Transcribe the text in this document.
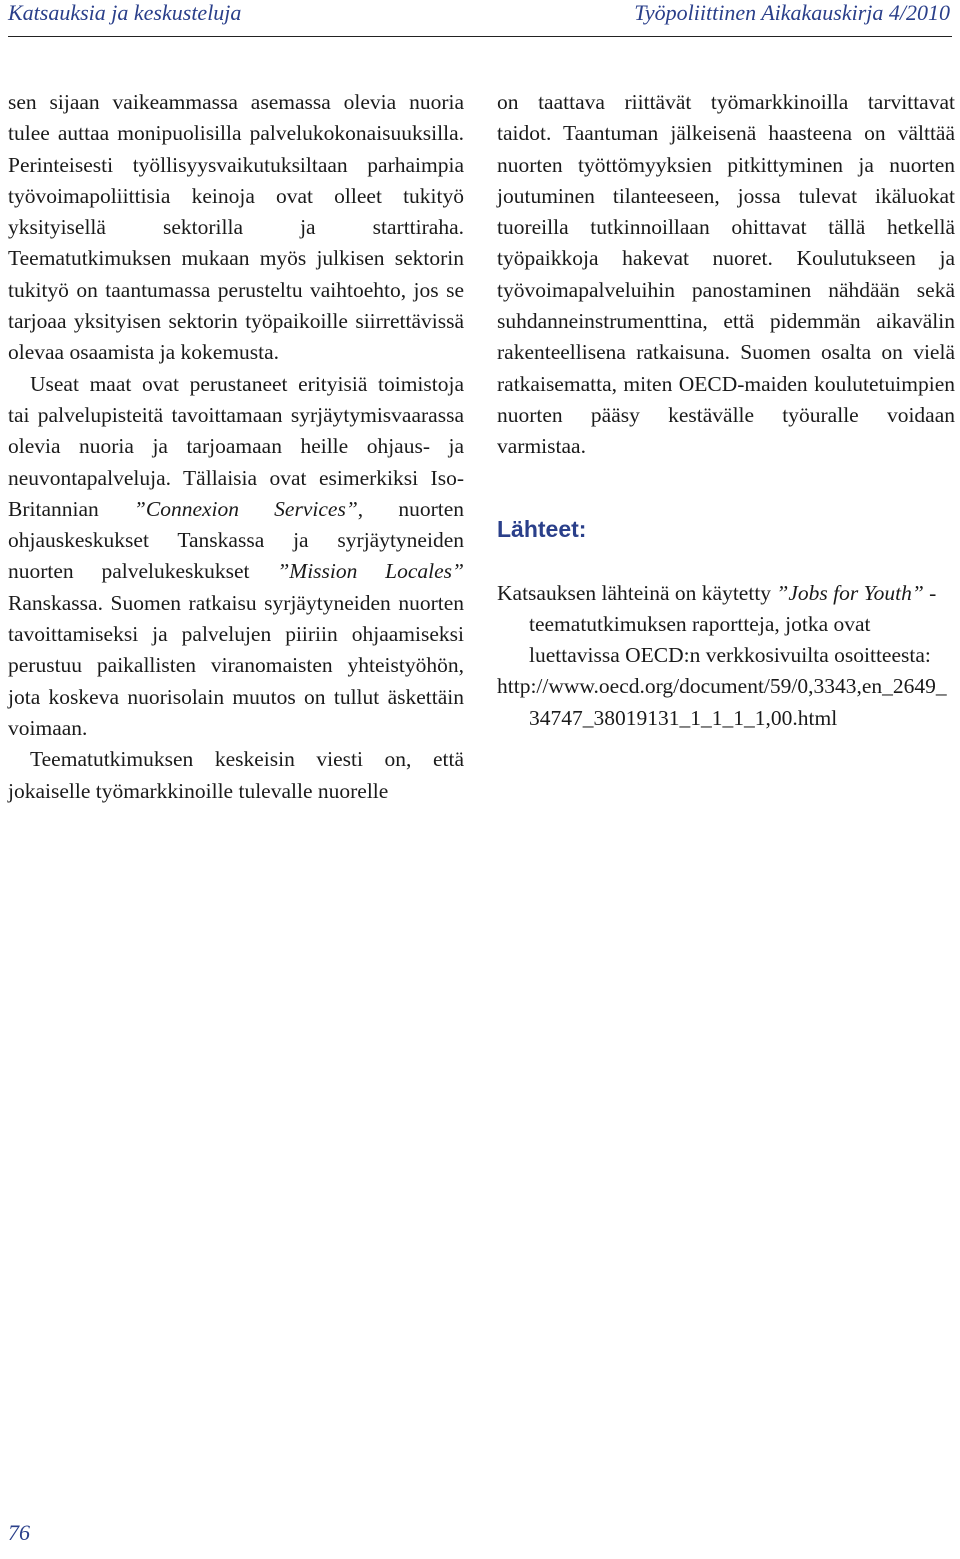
Katsauksia ja keskusteluja	Työpoliittinen Aikakauskirja 4/2010

sen sijaan vaikeammassa asemassa olevia nuoria tulee auttaa monipuolisilla palvelukokonaisuuksilla. Perinteisesti työllisyysvaikutuksiltaan parhaimpia työvoimapoliittisia keinoja ovat olleet tukityö yksityisellä sektorilla ja starttiraha. Teematutkimuksen mukaan myös julkisen sektorin tukityö on taantumassa perusteltu vaihtoehto, jos se tarjoaa yksityisen sektorin työpaikoille siirrettävissä olevaa osaamista ja kokemusta.

Useat maat ovat perustaneet erityisiä toimistoja tai palvelupisteitä tavoittamaan syrjäytymisvaarassa olevia nuoria ja tarjoamaan heille ohjaus- ja neuvontapalveluja. Tällaisia ovat esimerkiksi Iso-Britannian ”Connexion Services”, nuorten ohjauskeskukset Tanskassa ja syrjäytyneiden nuorten palvelukeskukset ”Mission Locales” Ranskassa. Suomen ratkaisu syrjäytyneiden nuorten tavoittamiseksi ja palvelujen piiriin ohjaamiseksi perustuu paikallisten viranomaisten yhteistyöhön, jota koskeva nuorisolain muutos on tullut äskettäin voimaan.

Teematutkimuksen keskeisin viesti on, että jokaiselle työmarkkinoille tulevalle nuorelle

on taattava riittävät työmarkkinoilla tarvittavat taidot. Taantuman jälkeisenä haasteena on välttää nuorten työttömyyksien pitkittyminen ja nuorten joutuminen tilanteeseen, jossa tulevat ikäluokat tuoreilla tutkinnoillaan ohittavat tällä hetkellä työpaikkoja hakevat nuoret. Koulutukseen ja työvoimapalveluihin panostaminen nähdään sekä suhdanneinstrumenttina, että pidemmän aikavälin rakenteellisena ratkaisuna. Suomen osalta on vielä ratkaisematta, miten OECD-maiden koulutetuimpien nuorten pääsy kestävälle työuralle voidaan varmistaa.

Lähteet:

Katsauksen lähteinä on käytetty ”Jobs for Youth” -teematutkimuksen raportteja, jotka ovat luettavissa OECD:n verkkosivuilta osoitteesta:

http://www.oecd.org/document/59/0,3343,en_2649_34747_38019131_1_1_1_1,00.html

76
